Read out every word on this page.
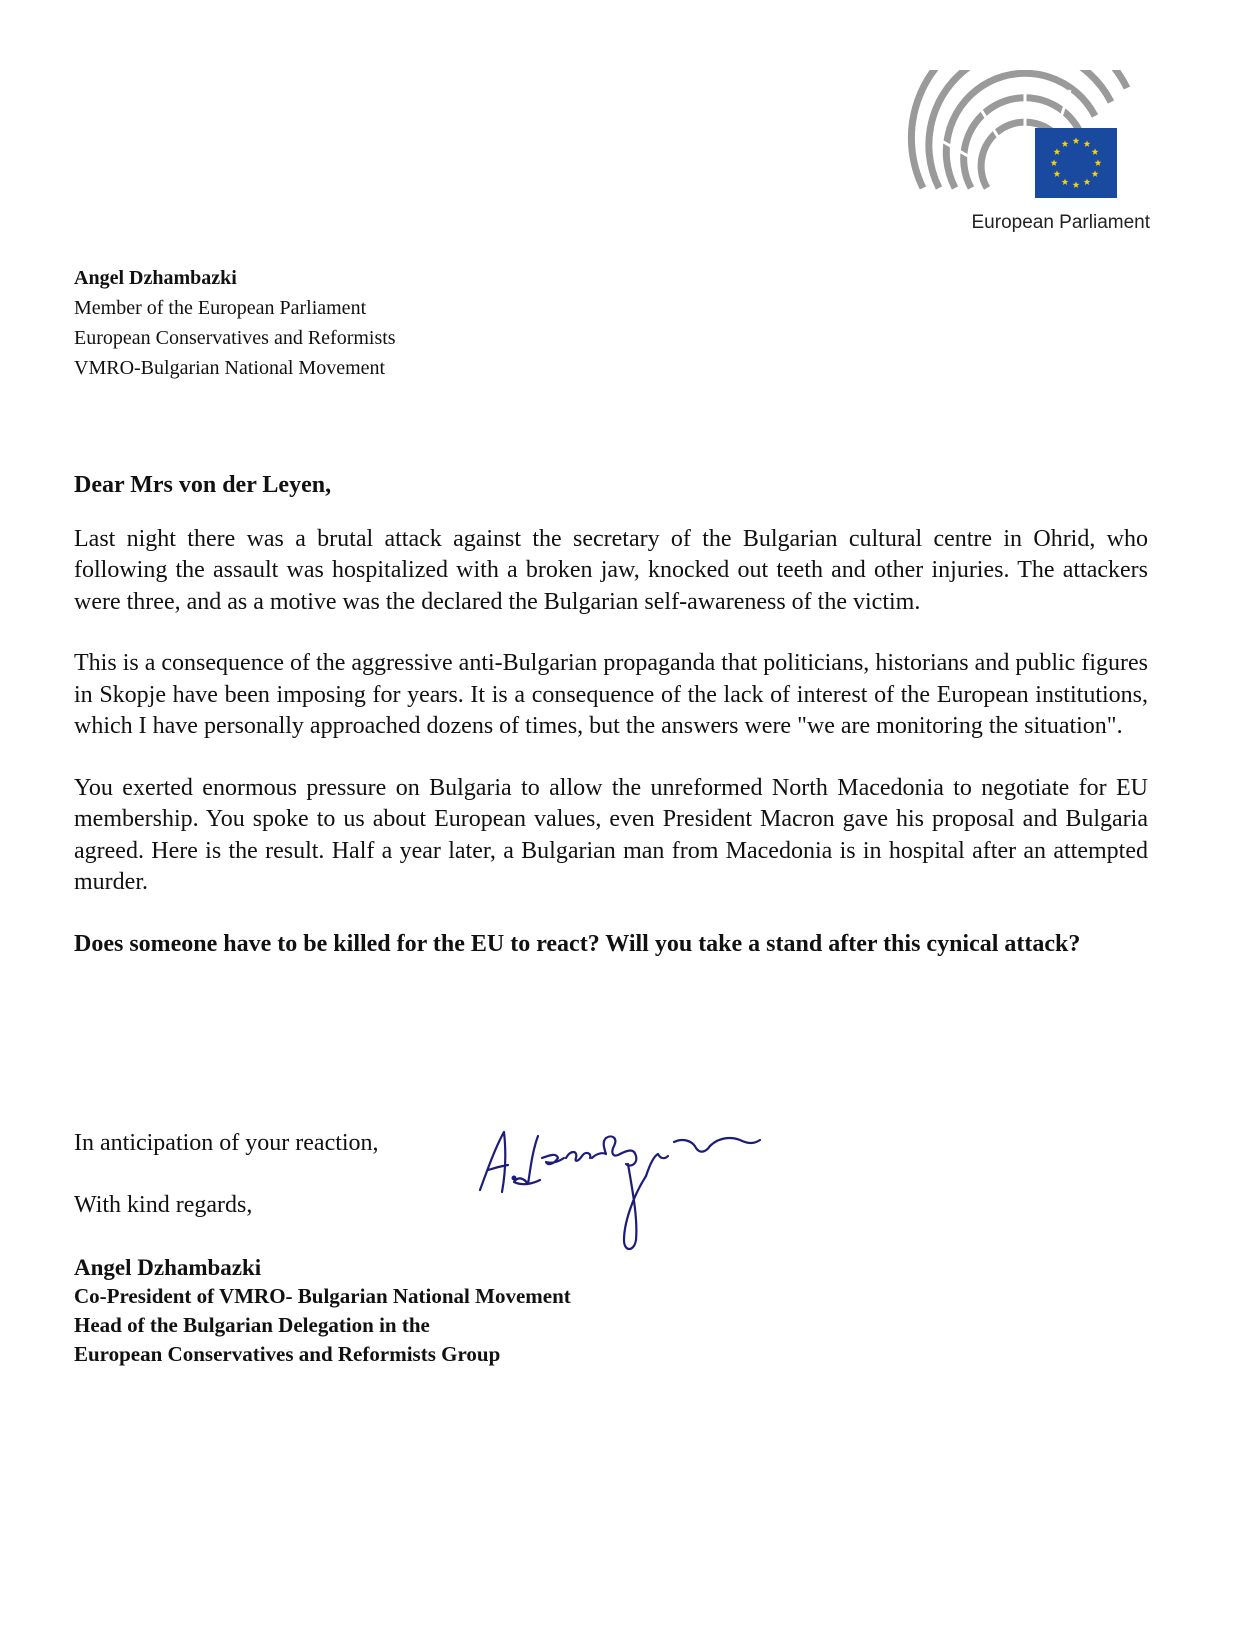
European Parliament
Angel Dzhambazki
Member of the European Parliament
European Conservatives and Reformists
VMRO-Bulgarian National Movement
Dear Mrs von der Leyen,

Last night there was a brutal attack against the secretary of the Bulgarian cultural centre in Ohrid, who following the assault was hospitalized with a broken jaw, knocked out teeth and other injuries. The attackers were three, and as a motive was the declared the Bulgarian self-awareness of the victim.

This is a consequence of the aggressive anti-Bulgarian propaganda that politicians, historians and public figures in Skopje have been imposing for years. It is a consequence of the lack of interest of the European institutions, which I have personally approached dozens of times, but the answers were "we are monitoring the situation".

You exerted enormous pressure on Bulgaria to allow the unreformed North Macedonia to negotiate for EU membership. You spoke to us about European values, even President Macron gave his proposal and Bulgaria agreed. Here is the result. Half a year later, a Bulgarian man from Macedonia is in hospital after an attempted murder.

Does someone have to be killed for the EU to react? Will you take a stand after this cynical attack?

In anticipation of your reaction,
With kind regards,
Angel Dzhambazki
Co-President of VMRO- Bulgarian National Movement
Head of the Bulgarian Delegation in the
European Conservatives and Reformists Group
